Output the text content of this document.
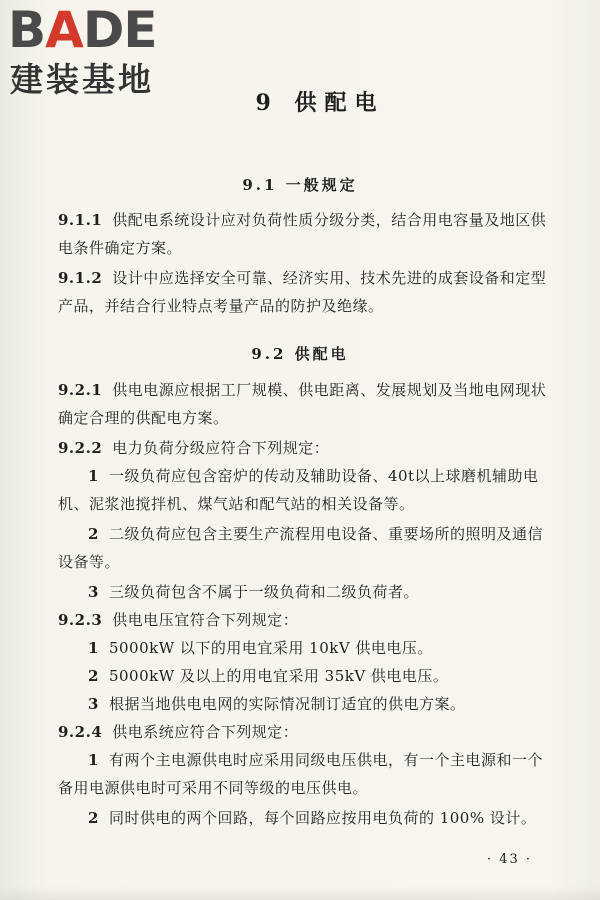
BADE
建装基地
9 供配电
9.1 一般规定
9.1.1 供配电系统设计应对负荷性质分级分类，结合用电容量及地区供电条件确定方案。
9.1.2 设计中应选择安全可靠、经济实用、技术先进的成套设备和定型产品，并结合行业特点考量产品的防护及绝缘。
9.2 供配电
9.2.1 供电电源应根据工厂规模、供电距离、发展规划及当地电网现状确定合理的供配电方案。
9.2.2 电力负荷分级应符合下列规定：
1 一级负荷应包含窑炉的传动及辅助设备、40t以上球磨机辅助电机、泥浆池搅拌机、煤气站和配气站的相关设备等。
2 二级负荷应包含主要生产流程用电设备、重要场所的照明及通信设备等。
3 三级负荷包含不属于一级负荷和二级负荷者。
9.2.3 供电电压宜符合下列规定：
1 5000kW 以下的用电宜采用 10kV 供电电压。
2 5000kW 及以上的用电宜采用 35kV 供电电压。
3 根据当地供电电网的实际情况制订适宜的供电方案。
9.2.4 供电系统应符合下列规定：
1 有两个主电源供电时应采用同级电压供电，有一个主电源和一个备用电源供电时可采用不同等级的电压供电。
2 同时供电的两个回路，每个回路应按用电负荷的 100% 设计。
· 43 ·
